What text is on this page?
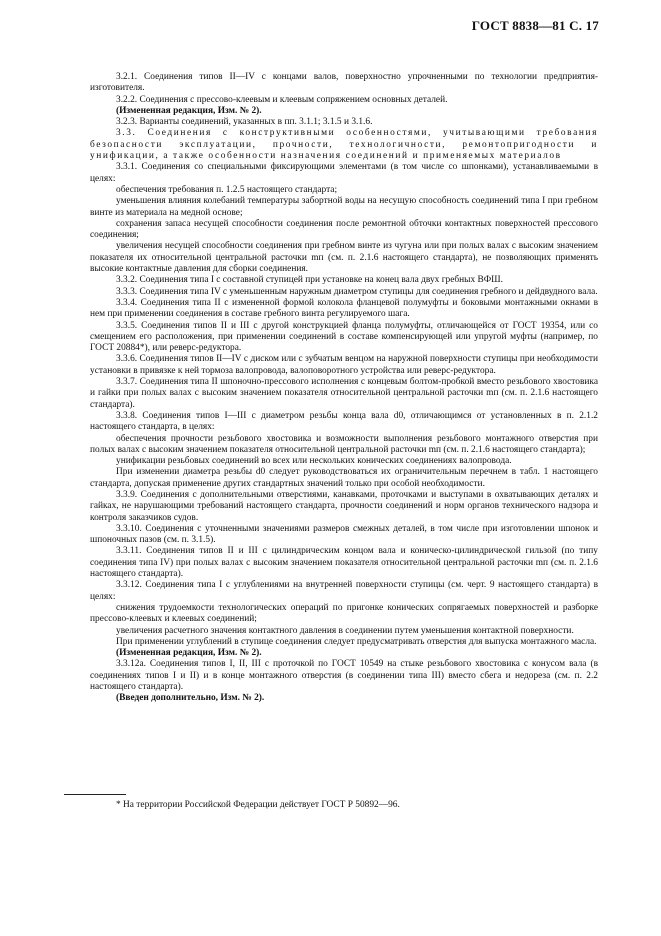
ГОСТ 8838—81 С. 17

3.2.1. Соединения типов II—IV с концами валов, поверхностно упрочненными по технологии предприятия-изготовителя.

3.2.2. Соединения с прессово-клеевым и клеевым сопряжением основных деталей.

(Измененная редакция, Изм. № 2).

3.2.3. Варианты соединений, указанных в пп. 3.1.1; 3.1.5 и 3.1.6.

3.3. Соединения с конструктивными особенностями, учитывающими требования безопасности эксплуатации, прочности, технологичности, ремонтопригодности и унификации, а также особенности назначения соединений и применяемых материалов

3.3.1. Соединения со специальными фиксирующими элементами (в том числе со шпонками), устанавливаемыми в целях:

обеспечения требования п. 1.2.5 настоящего стандарта;

уменьшения влияния колебаний температуры забортной воды на несущую способность соединений типа I при гребном винте из материала на медной основе;

сохранения запаса несущей способности соединения после ремонтной обточки контактных поверхностей прессового соединения;

увеличения несущей способности соединения при гребном винте из чугуна или при полых валах с высоким значением показателя их относительной центральной расточки mп (см. п. 2.1.6 настоящего стандарта), не позволяющих применять высокие контактные давления для сборки соединения.

3.3.2. Соединения типа I с составной ступицей при установке на конец вала двух гребных ВФШ.

3.3.3. Соединения типа IV с уменьшенным наружным диаметром ступицы для соединения гребного и дейдвудного вала.

3.3.4. Соединения типа II с измененной формой колокола фланцевой полумуфты и боковыми монтажными окнами в нем при применении соединения в составе гребного винта регулируемого шага.

3.3.5. Соединения типов II и III с другой конструкцией фланца полумуфты, отличающейся от ГОСТ 19354, или со смещением его расположения, при применении соединений в составе компенсирующей или упругой муфты (например, по ГОСТ 20884*), или реверс-редуктора.

3.3.6. Соединения типов II—IV с диском или с зубчатым венцом на наружной поверхности ступицы при необходимости установки в привязке к ней тормоза валопровода, валоповоротного устройства или реверс-редуктора.

3.3.7. Соединения типа II шпоночно-прессового исполнения с концевым болтом-пробкой вместо резьбового хвостовика и гайки при полых валах с высоким значением показателя относительной центральной расточки mп (см. п. 2.1.6 настоящего стандарта).

3.3.8. Соединения типов I—III с диаметром резьбы конца вала d0, отличающимся от установленных в п. 2.1.2 настоящего стандарта, в целях:

обеспечения прочности резьбового хвостовика и возможности выполнения резьбового монтажного отверстия при полых валах с высоким значением показателя относительной центральной расточки mп (см. п. 2.1.6 настоящего стандарта);

унификации резьбовых соединений во всех или нескольких конических соединениях валопровода.

При изменении диаметра резьбы d0 следует руководствоваться их ограничительным перечнем в табл. 1 настоящего стандарта, допуская применение других стандартных значений только при особой необходимости.

3.3.9. Соединения с дополнительными отверстиями, канавками, проточками и выступами в охватывающих деталях и гайках, не нарушающими требований настоящего стандарта, прочности соединений и норм органов технического надзора и контроля заказчиков судов.

3.3.10. Соединения с уточненными значениями размеров смежных деталей, в том числе при изготовлении шпонок и шпоночных пазов (см. п. 3.1.5).

3.3.11. Соединения типов II и III с цилиндрическим концом вала и коническо-цилиндрической гильзой (по типу соединения типа IV) при полых валах с высоким значением показателя относительной центральной расточки mп (см. п. 2.1.6 настоящего стандарта).

3.3.12. Соединения типа I с углублениями на внутренней поверхности ступицы (см. черт. 9 настоящего стандарта) в целях:

снижения трудоемкости технологических операций по пригонке конических сопрягаемых поверхностей и разборке прессово-клеевых и клеевых соединений;

увеличения расчетного значения контактного давления в соединении путем уменьшения контактной поверхности.

При применении углублений в ступице соединения следует предусматривать отверстия для выпуска монтажного масла.

(Измененная редакция, Изм. № 2).

3.3.12а. Соединения типов I, II, III с проточкой по ГОСТ 10549 на стыке резьбового хвостовика с конусом вала (в соединениях типов I и II) и в конце монтажного отверстия (в соединении типа III) вместо сбега и недореза (см. п. 2.2 настоящего стандарта).

(Введен дополнительно, Изм. № 2).

* На территории Российской Федерации действует ГОСТ Р 50892—96.
